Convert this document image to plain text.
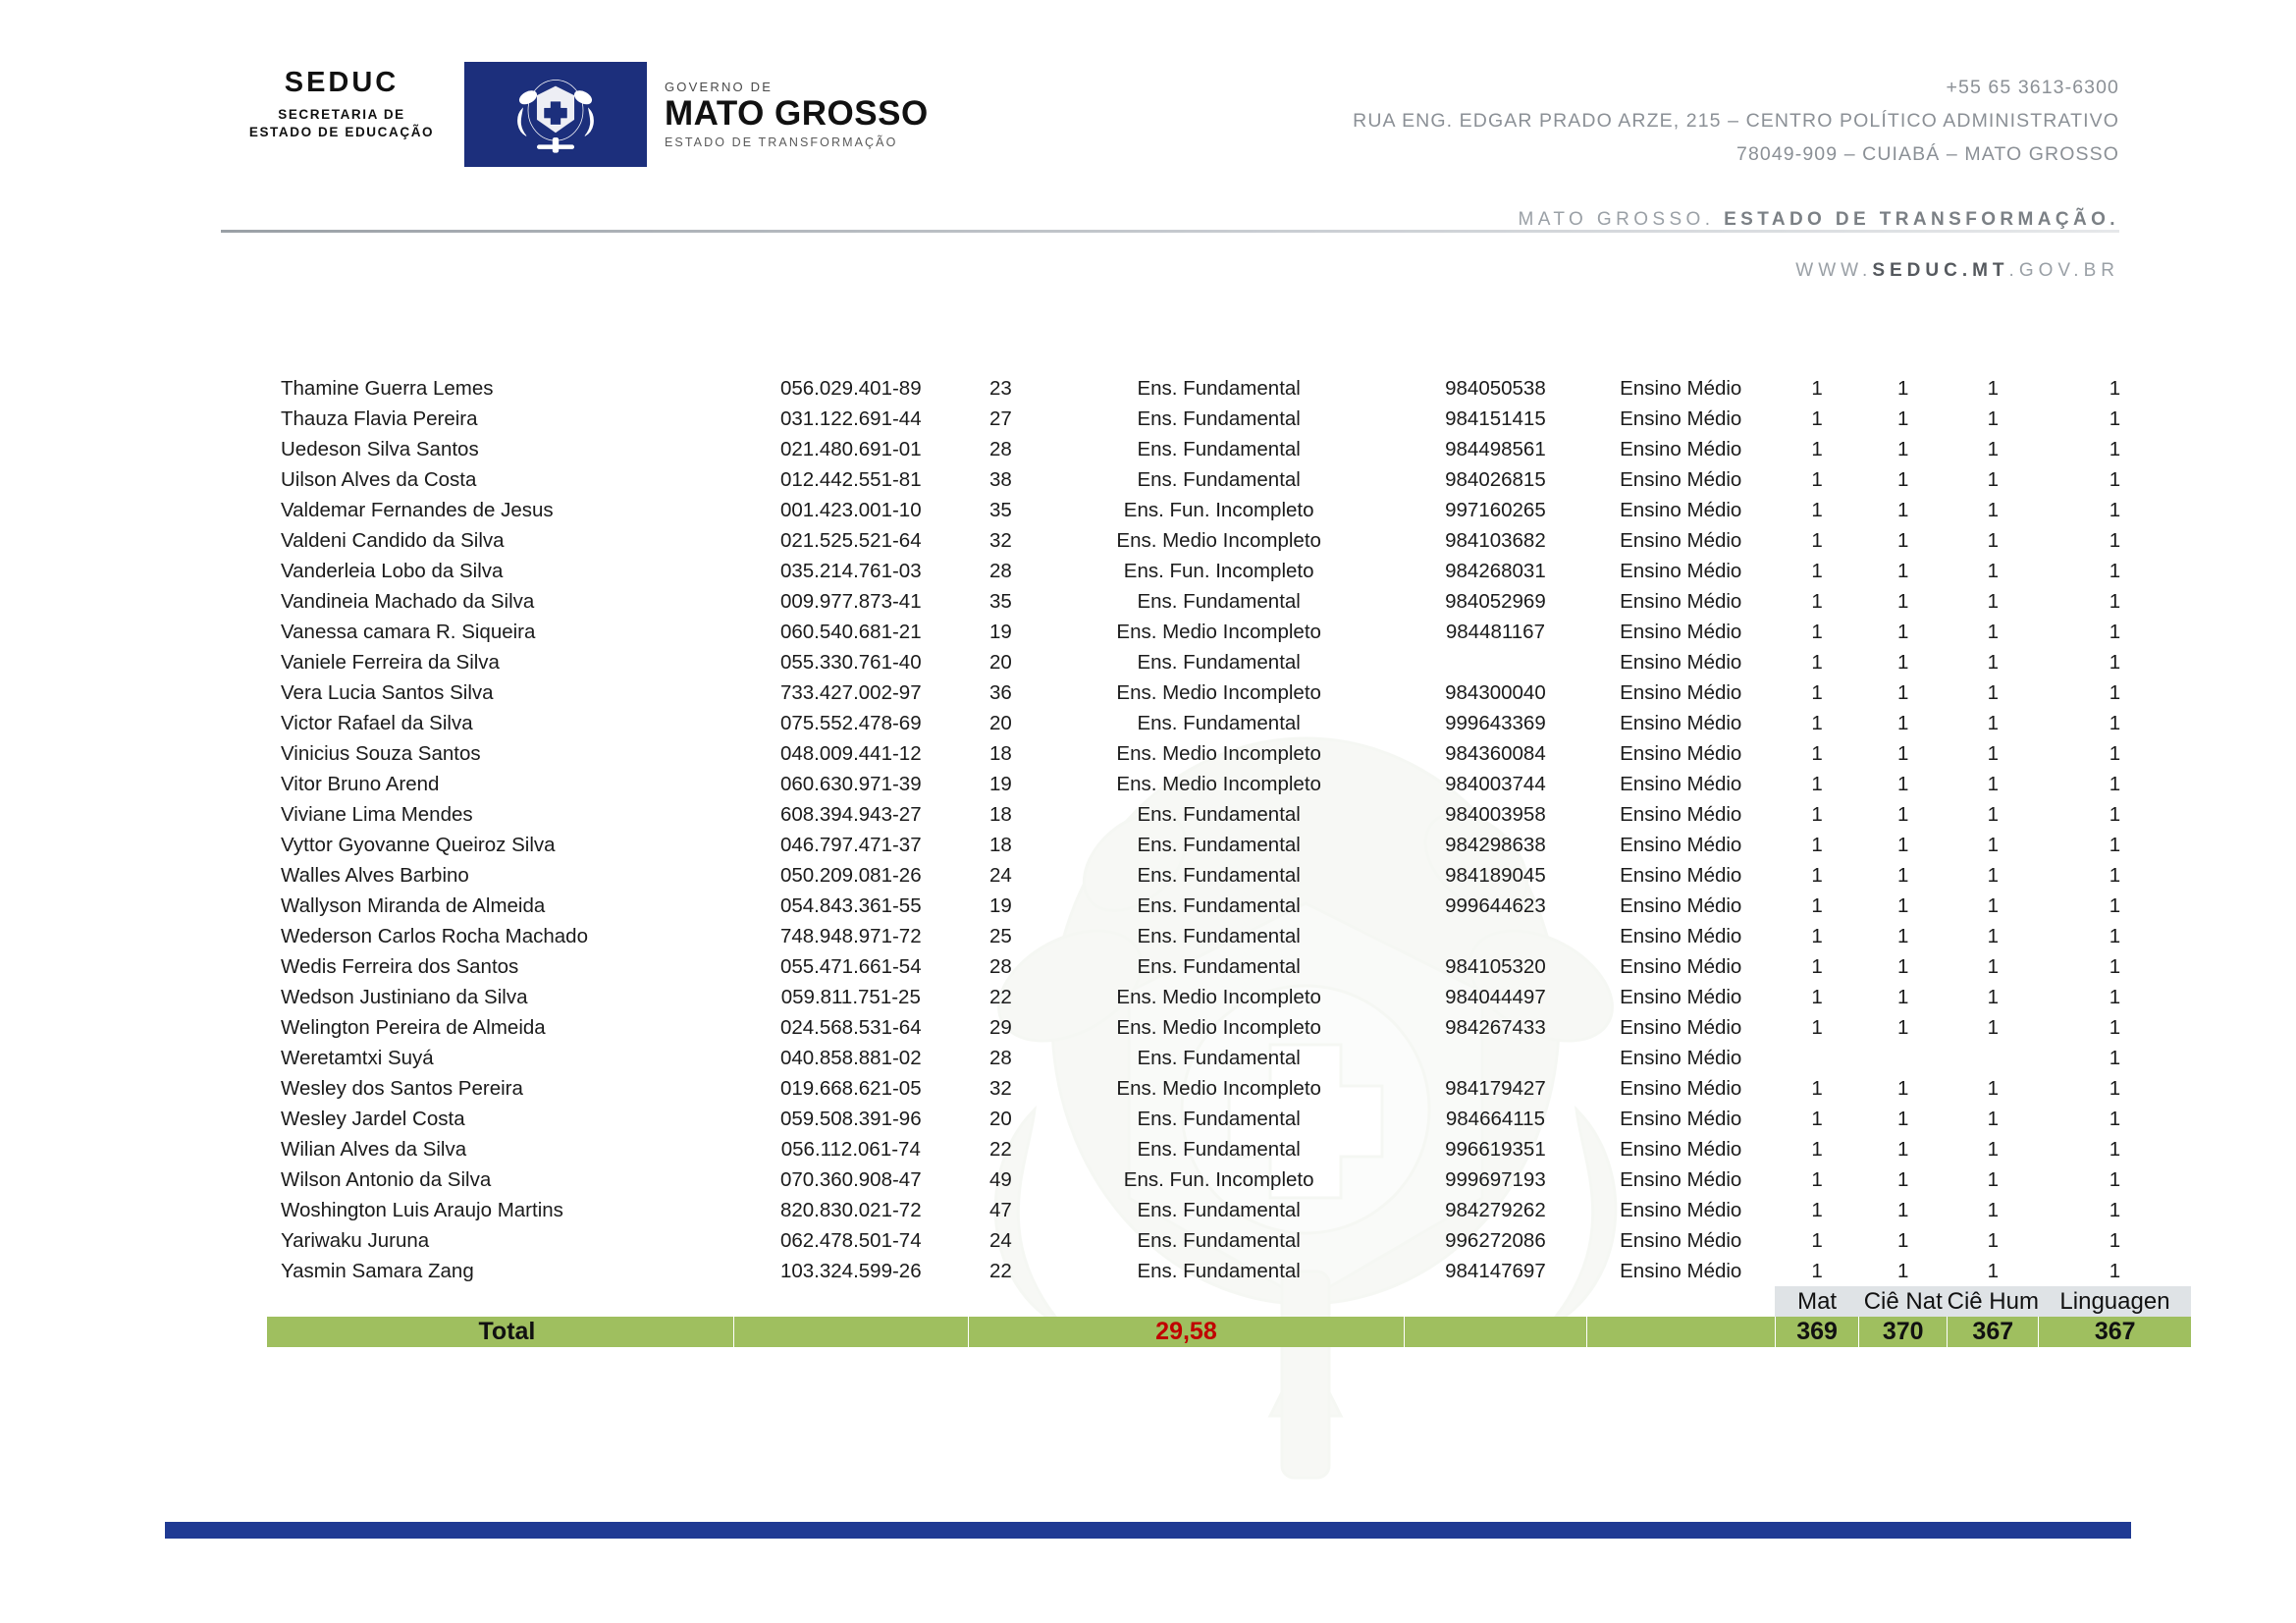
SEDUC
SECRETARIA DE
ESTADO DE EDUCAÇÃO
GOVERNO DE
MATO GROSSO
ESTADO DE TRANSFORMAÇÃO
+55 65 3613-6300
RUA ENG. EDGAR PRADO ARZE, 215 – CENTRO POLÍTICO ADMINISTRATIVO
78049-909 – CUIABÁ – MATO GROSSO
MATO GROSSO. ESTADO DE TRANSFORMAÇÃO.
WWW.SEDUC.MT.GOV.BR
Thamine Guerra Lemes	056.029.401-89	23	Ens. Fundamental	984050538	Ensino Médio	1	1	1	1
Thauza Flavia Pereira	031.122.691-44	27	Ens. Fundamental	984151415	Ensino Médio	1	1	1	1
Uedeson Silva Santos	021.480.691-01	28	Ens. Fundamental	984498561	Ensino Médio	1	1	1	1
Uilson Alves da Costa	012.442.551-81	38	Ens. Fundamental	984026815	Ensino Médio	1	1	1	1
Valdemar Fernandes de Jesus	001.423.001-10	35	Ens. Fun. Incompleto	997160265	Ensino Médio	1	1	1	1
Valdeni Candido da Silva	021.525.521-64	32	Ens. Medio Incompleto	984103682	Ensino Médio	1	1	1	1
Vanderleia Lobo da Silva	035.214.761-03	28	Ens. Fun. Incompleto	984268031	Ensino Médio	1	1	1	1
Vandineia Machado da Silva	009.977.873-41	35	Ens. Fundamental	984052969	Ensino Médio	1	1	1	1
Vanessa camara R. Siqueira	060.540.681-21	19	Ens. Medio Incompleto	984481167	Ensino Médio	1	1	1	1
Vaniele Ferreira da Silva	055.330.761-40	20	Ens. Fundamental		Ensino Médio	1	1	1	1
Vera Lucia Santos Silva	733.427.002-97	36	Ens. Medio Incompleto	984300040	Ensino Médio	1	1	1	1
Victor Rafael da Silva	075.552.478-69	20	Ens. Fundamental	999643369	Ensino Médio	1	1	1	1
Vinicius Souza Santos	048.009.441-12	18	Ens. Medio Incompleto	984360084	Ensino Médio	1	1	1	1
Vitor Bruno Arend	060.630.971-39	19	Ens. Medio Incompleto	984003744	Ensino Médio	1	1	1	1
Viviane Lima Mendes	608.394.943-27	18	Ens. Fundamental	984003958	Ensino Médio	1	1	1	1
Vyttor Gyovanne Queiroz Silva	046.797.471-37	18	Ens. Fundamental	984298638	Ensino Médio	1	1	1	1
Walles Alves Barbino	050.209.081-26	24	Ens. Fundamental	984189045	Ensino Médio	1	1	1	1
Wallyson Miranda de Almeida	054.843.361-55	19	Ens. Fundamental	999644623	Ensino Médio	1	1	1	1
Wederson Carlos Rocha Machado	748.948.971-72	25	Ens. Fundamental		Ensino Médio	1	1	1	1
Wedis Ferreira dos Santos	055.471.661-54	28	Ens. Fundamental	984105320	Ensino Médio	1	1	1	1
Wedson Justiniano da Silva	059.811.751-25	22	Ens. Medio Incompleto	984044497	Ensino Médio	1	1	1	1
Welington Pereira de Almeida	024.568.531-64	29	Ens. Medio Incompleto	984267433	Ensino Médio	1	1	1	1
Weretamtxi Suyá	040.858.881-02	28	Ens. Fundamental		Ensino Médio				1
Wesley dos Santos Pereira	019.668.621-05	32	Ens. Medio Incompleto	984179427	Ensino Médio	1	1	1	1
Wesley Jardel Costa	059.508.391-96	20	Ens. Fundamental	984664115	Ensino Médio	1	1	1	1
Wilian Alves da Silva	056.112.061-74	22	Ens. Fundamental	996619351	Ensino Médio	1	1	1	1
Wilson Antonio da Silva	070.360.908-47	49	Ens. Fun. Incompleto	999697193	Ensino Médio	1	1	1	1
Woshington Luis Araujo Martins	820.830.021-72	47	Ens. Fundamental	984279262	Ensino Médio	1	1	1	1
Yariwaku Juruna	062.478.501-74	24	Ens. Fundamental	996272086	Ensino Médio	1	1	1	1
Yasmin Samara Zang	103.324.599-26	22	Ens. Fundamental	984147697	Ensino Médio	1	1	1	1
						Mat	Ciê Nat	Ciê Hum	Linguagen
Total		29,58				369	370	367	367
